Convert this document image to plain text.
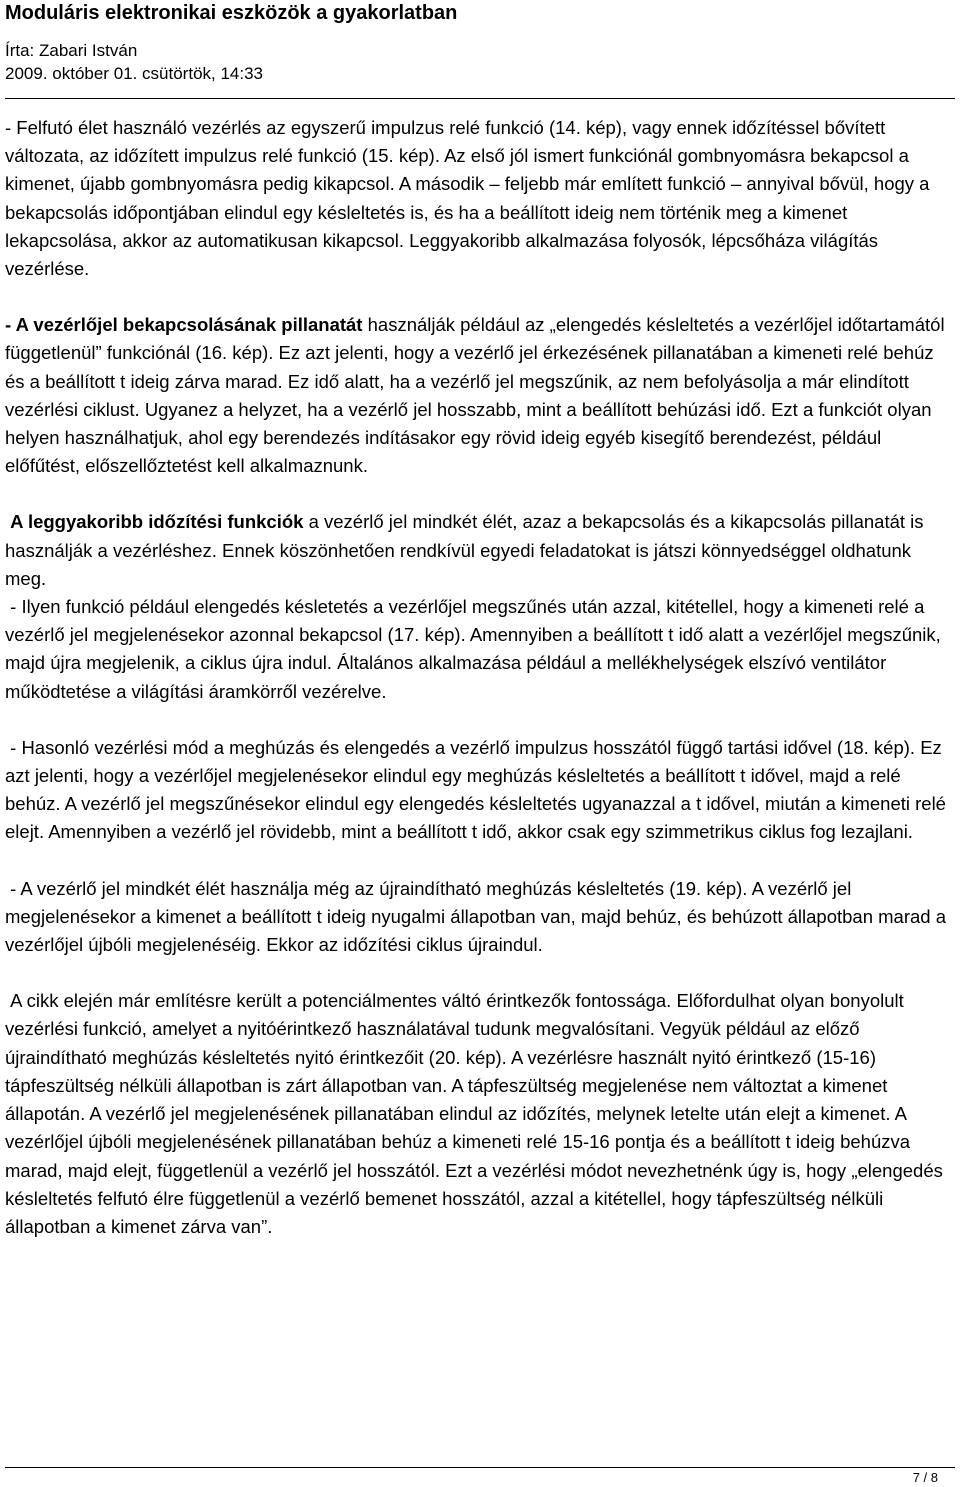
Moduláris elektronikai eszközök a gyakorlatban
Írta: Zabari István
2009. október 01. csütörtök, 14:33

- Felfutó élet használó vezérlés az egyszerű impulzus relé funkció (14. kép), vagy ennek időzítéssel bővített változata, az időzített impulzus relé funkció (15. kép). Az első jól ismert funkciónál gombnyomásra bekapcsol a kimenet, újabb gombnyomásra pedig kikapcsol. A második – feljebb már említett funkció – annyival bővül, hogy a bekapcsolás időpontjában elindul egy késleltetés is, és ha a beállított ideig nem történik meg a kimenet lekapcsolása, akkor az automatikusan kikapcsol. Leggyakoribb alkalmazása folyosók, lépcsőháza világítás vezérlése.

- A vezérlőjel bekapcsolásának pillanatát használják például az „elengedés késleltetés a vezérlőjel időtartamától függetlenül” funkciónál (16. kép). Ez azt jelenti, hogy a vezérlő jel érkezésének pillanatában a kimeneti relé behúz és a beállított t ideig zárva marad. Ez idő alatt, ha a vezérlő jel megszűnik, az nem befolyásolja a már elindított vezérlési ciklust. Ugyanez a helyzet, ha a vezérlő jel hosszabb, mint a beállított behúzási idő. Ezt a funkciót olyan helyen használhatjuk, ahol egy berendezés indításakor egy rövid ideig egyéb kisegítő berendezést, például előfűtést, előszellőztetést kell alkalmaznunk.

A leggyakoribb időzítési funkciók a vezérlő jel mindkét élét, azaz a bekapcsolás és a kikapcsolás pillanatát is használják a vezérléshez. Ennek köszönhetően rendkívül egyedi feladatokat is játszi könnyedséggel oldhatunk meg.

- Ilyen funkció például elengedés késletetés a vezérlőjel megszűnés után azzal, kitétellel, hogy a kimeneti relé a vezérlő jel megjelenésekor azonnal bekapcsol (17. kép). Amennyiben a beállított t idő alatt a vezérlőjel megszűnik, majd újra megjelenik, a ciklus újra indul. Általános alkalmazása például a mellékhelységek elszívó ventilátor működtetése a világítási áramkörről vezérelve.

- Hasonló vezérlési mód a meghúzás és elengedés a vezérlő impulzus hosszától függő tartási idővel (18. kép). Ez azt jelenti, hogy a vezérlőjel megjelenésekor elindul egy meghúzás késleltetés a beállított t idővel, majd a relé behúz. A vezérlő jel megszűnésekor elindul egy elengedés késleltetés ugyanazzal a t idővel, miután a kimeneti relé elejt. Amennyiben a vezérlő jel rövidebb, mint a beállított t idő, akkor csak egy szimmetrikus ciklus fog lezajlani.

- A vezérlő jel mindkét élét használja még az újraindítható meghúzás késleltetés (19. kép). A vezérlő jel megjelenésekor a kimenet a beállított t ideig nyugalmi állapotban van, majd behúz, és behúzott állapotban marad a vezérlőjel újbóli megjelenéséig. Ekkor az időzítési ciklus újraindul.

A cikk elején már említésre került a potenciálmentes váltó érintkezők fontossága. Előfordulhat olyan bonyolult vezérlési funkció, amelyet a nyitóérintkező használatával tudunk megvalósítani. Vegyük például az előző újraindítható meghúzás késleltetés nyitó érintkezőit (20. kép). A vezérlésre használt nyitó érintkező (15-16) tápfeszültség nélküli állapotban is zárt állapotban van. A tápfeszültség megjelenése nem változtat a kimenet állapotán. A vezérlő jel megjelenésének pillanatában elindul az időzítés, melynek letelte után elejt a kimenet. A vezérlőjel újbóli megjelenésének pillanatában behúz a kimeneti relé 15-16 pontja és a beállított t ideig behúzva marad, majd elejt, függetlenül a vezérlő jel hosszától. Ezt a vezérlési módot nevezhetnénk úgy is, hogy „elengedés késleltetés felfutó élre függetlenül a vezérlő bemenet hosszától, azzal a kitétellel, hogy tápfeszültség nélküli állapotban a kimenet zárva van”.

7 / 8
